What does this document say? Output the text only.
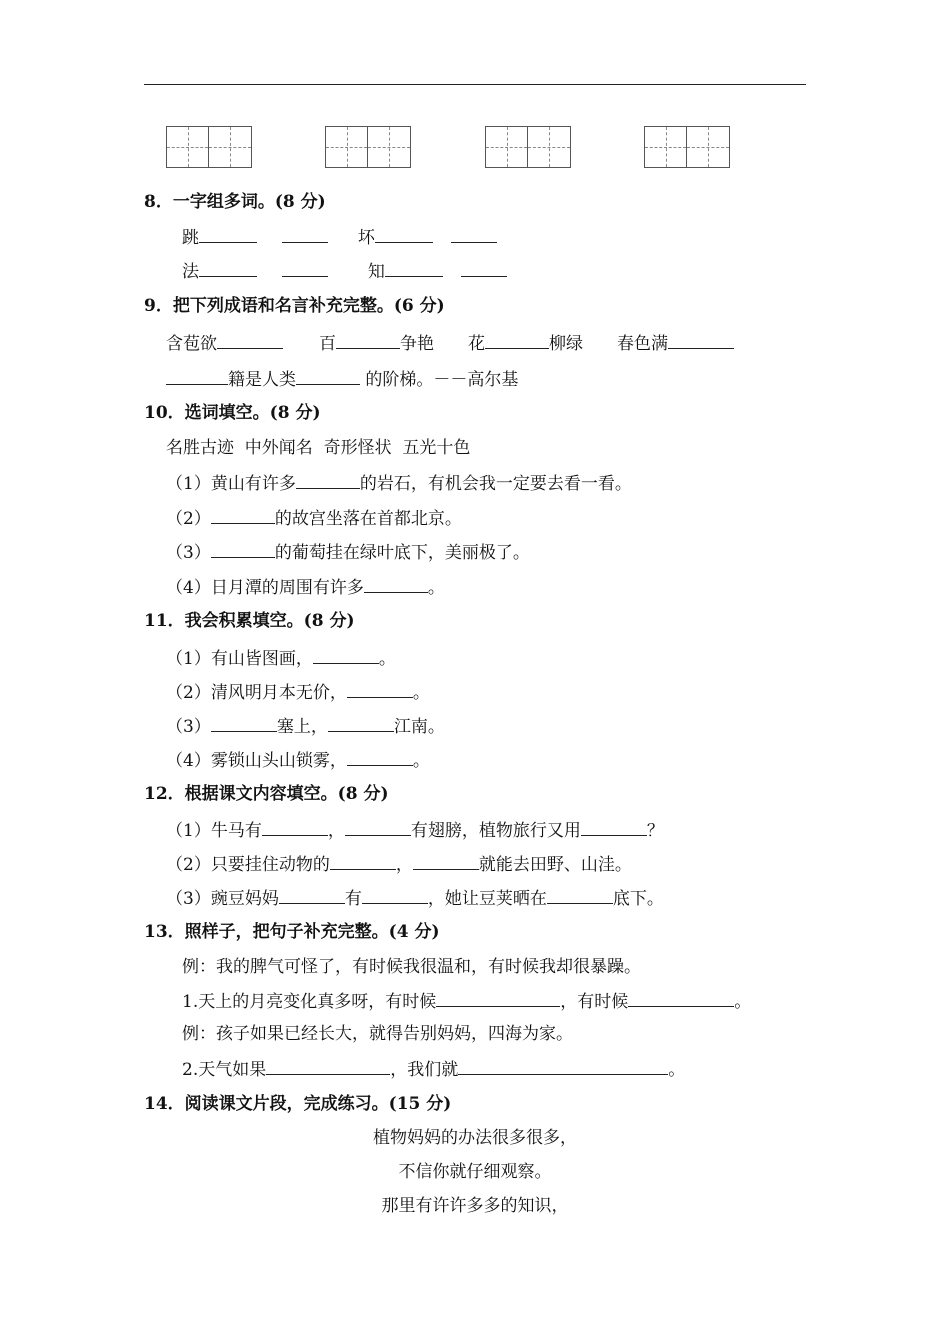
8．一字组多词。(8 分)
跳	坏
法	知
9．把下列成语和名言补充完整。(6 分)
含苞欲	百	争艳 花	柳绿 春色满
籍是人类	的阶梯。－－高尔基
10．选词填空。(8 分)
名胜古迹  中外闻名  奇形怪状  五光十色
（1）黄山有许多	的岩石，有机会我一定要去看一看。
（2）	的故宫坐落在首都北京。
（3）	的葡萄挂在绿叶底下，美丽极了。
（4）日月潭的周围有许多	。
11．我会积累填空。(8 分)
（1）有山皆图画，	。
（2）清风明月本无价，	。
（3）	塞上，	江南。
（4）雾锁山头山锁雾，	。
12．根据课文内容填空。(8 分)
（1）牛马有	，	有翅膀，植物旅行又用	？
（2）只要挂住动物的	，	就能去田野、山洼。
（3）豌豆妈妈	有	，她让豆荚晒在	底下。
13．照样子，把句子补充完整。(4 分)
例：我的脾气可怪了，有时候我很温和，有时候我却很暴躁。
1.天上的月亮变化真多呀，有时候	，有时候	。
例：孩子如果已经长大，就得告别妈妈，四海为家。
2.天气如果	，我们就	。
14．阅读课文片段，完成练习。(15 分)
植物妈妈的办法很多很多，
不信你就仔细观察。
那里有许许多多的知识，
